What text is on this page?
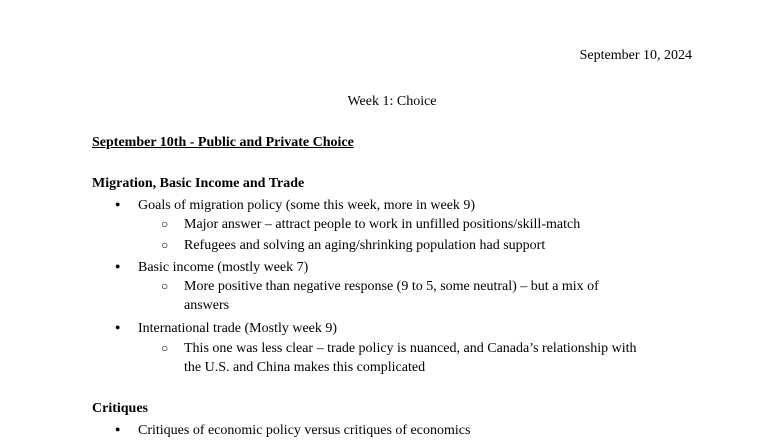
September 10, 2024
Week 1: Choice
September 10th - Public and Private Choice
Migration, Basic Income and Trade
● Goals of migration policy (some this week, more in week 9)
○ Major answer – attract people to work in unfilled positions/skill-match
○ Refugees and solving an aging/shrinking population had support
● Basic income (mostly week 7)
○ More positive than negative response (9 to 5, some neutral) – but a mix of
answers
● International trade (Mostly week 9)
○ This one was less clear – trade policy is nuanced, and Canada’s relationship with
the U.S. and China makes this complicated
Critiques
● Critiques of economic policy versus critiques of economics
